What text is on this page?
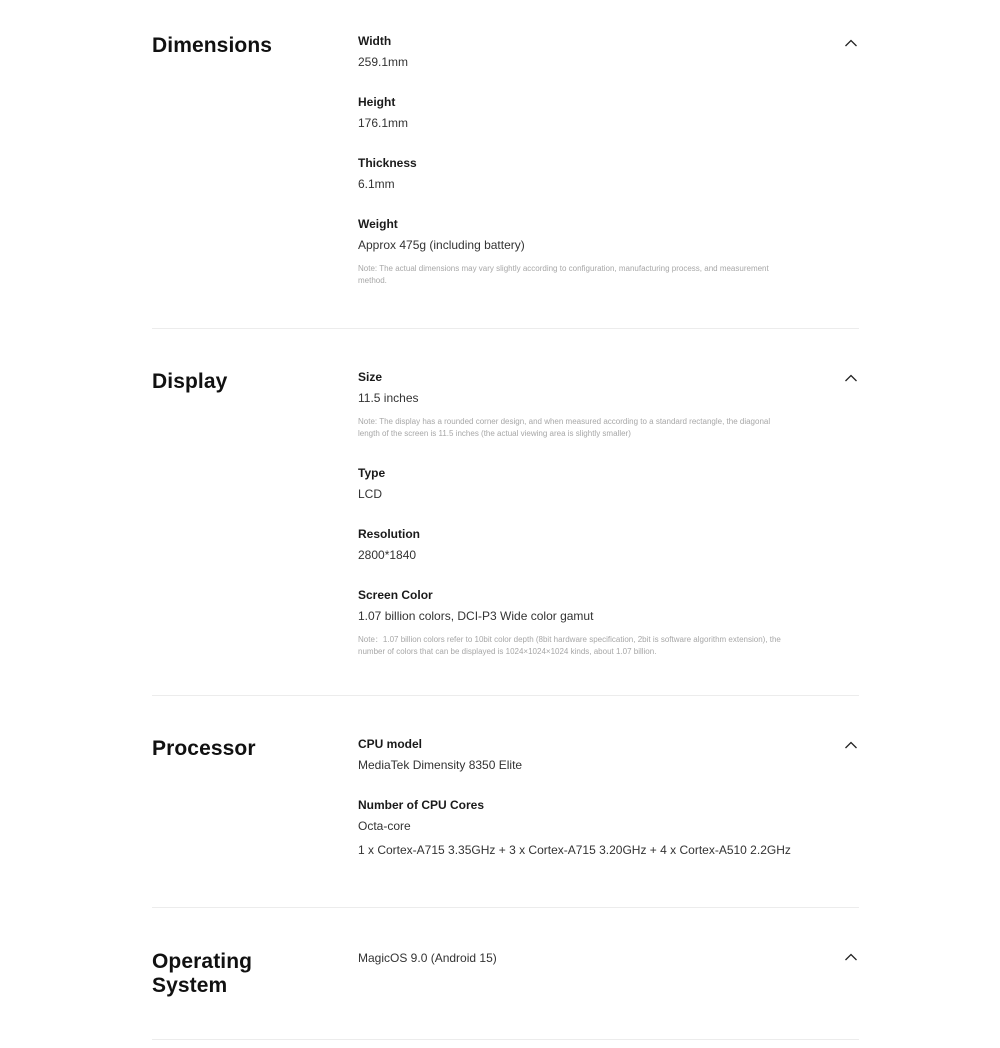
Dimensions	Width
259.1mm
Height
176.1mm
Thickness
6.1mm
Weight
Approx 475g (including battery)
Note: The actual dimensions may vary slightly according to configuration, manufacturing process, and measurement method.
Display	Size
11.5 inches
Note: The display has a rounded corner design, and when measured according to a standard rectangle, the diagonal length of the screen is 11.5 inches (the actual viewing area is slightly smaller)
Type
LCD
Resolution
2800*1840
Screen Color
1.07 billion colors, DCI-P3 Wide color gamut
Note：1.07 billion colors refer to 10bit color depth (8bit hardware specification, 2bit is software algorithm extension), the number of colors that can be displayed is 1024×1024×1024 kinds, about 1.07 billion.
Processor	CPU model
MediaTek Dimensity 8350 Elite
Number of CPU Cores
Octa-core
1 x Cortex-A715 3.35GHz + 3 x Cortex-A715 3.20GHz + 4 x Cortex-A510 2.2GHz
Operating
System
MagicOS 9.0 (Android 15)
